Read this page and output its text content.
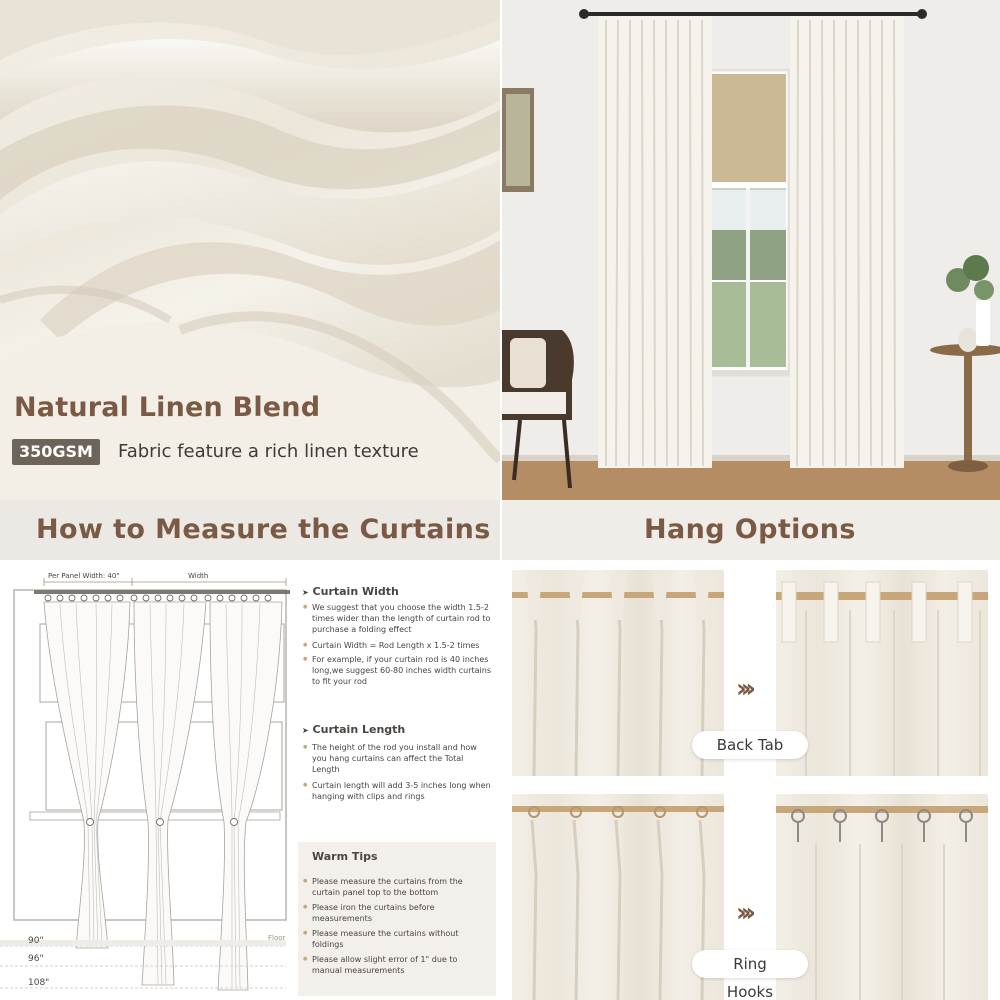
Natural Linen Blend
350GSM	Fabric feature a rich linen texture
How to Measure the Curtains	Hang Options
Per Panel Width: 40"	Width
Floor
90"
96"
108"
➤ Curtain Width
● We suggest that you choose the width 1.5-2 times wider than the length of curtain rod to purchase a folding effect
● Curtain Width = Rod Length x 1.5-2 times
● For example, if your curtain rod is 40 inches long,we suggest 60-80 inches width curtains to fit your rod
➤ Curtain Length
● The height of the rod you install and how you hang curtains can affect the Total Length
● Curtain length will add 3-5 inches long when hanging with clips and rings
Warm Tips
● Please measure the curtains from the curtain panel top to the bottom
● Please iron the curtains before measurements
● Please measure the curtains without foldings
● Please allow slight error of 1" due to manual measurements
›››
Back Tab
›››
Ring Hooks
